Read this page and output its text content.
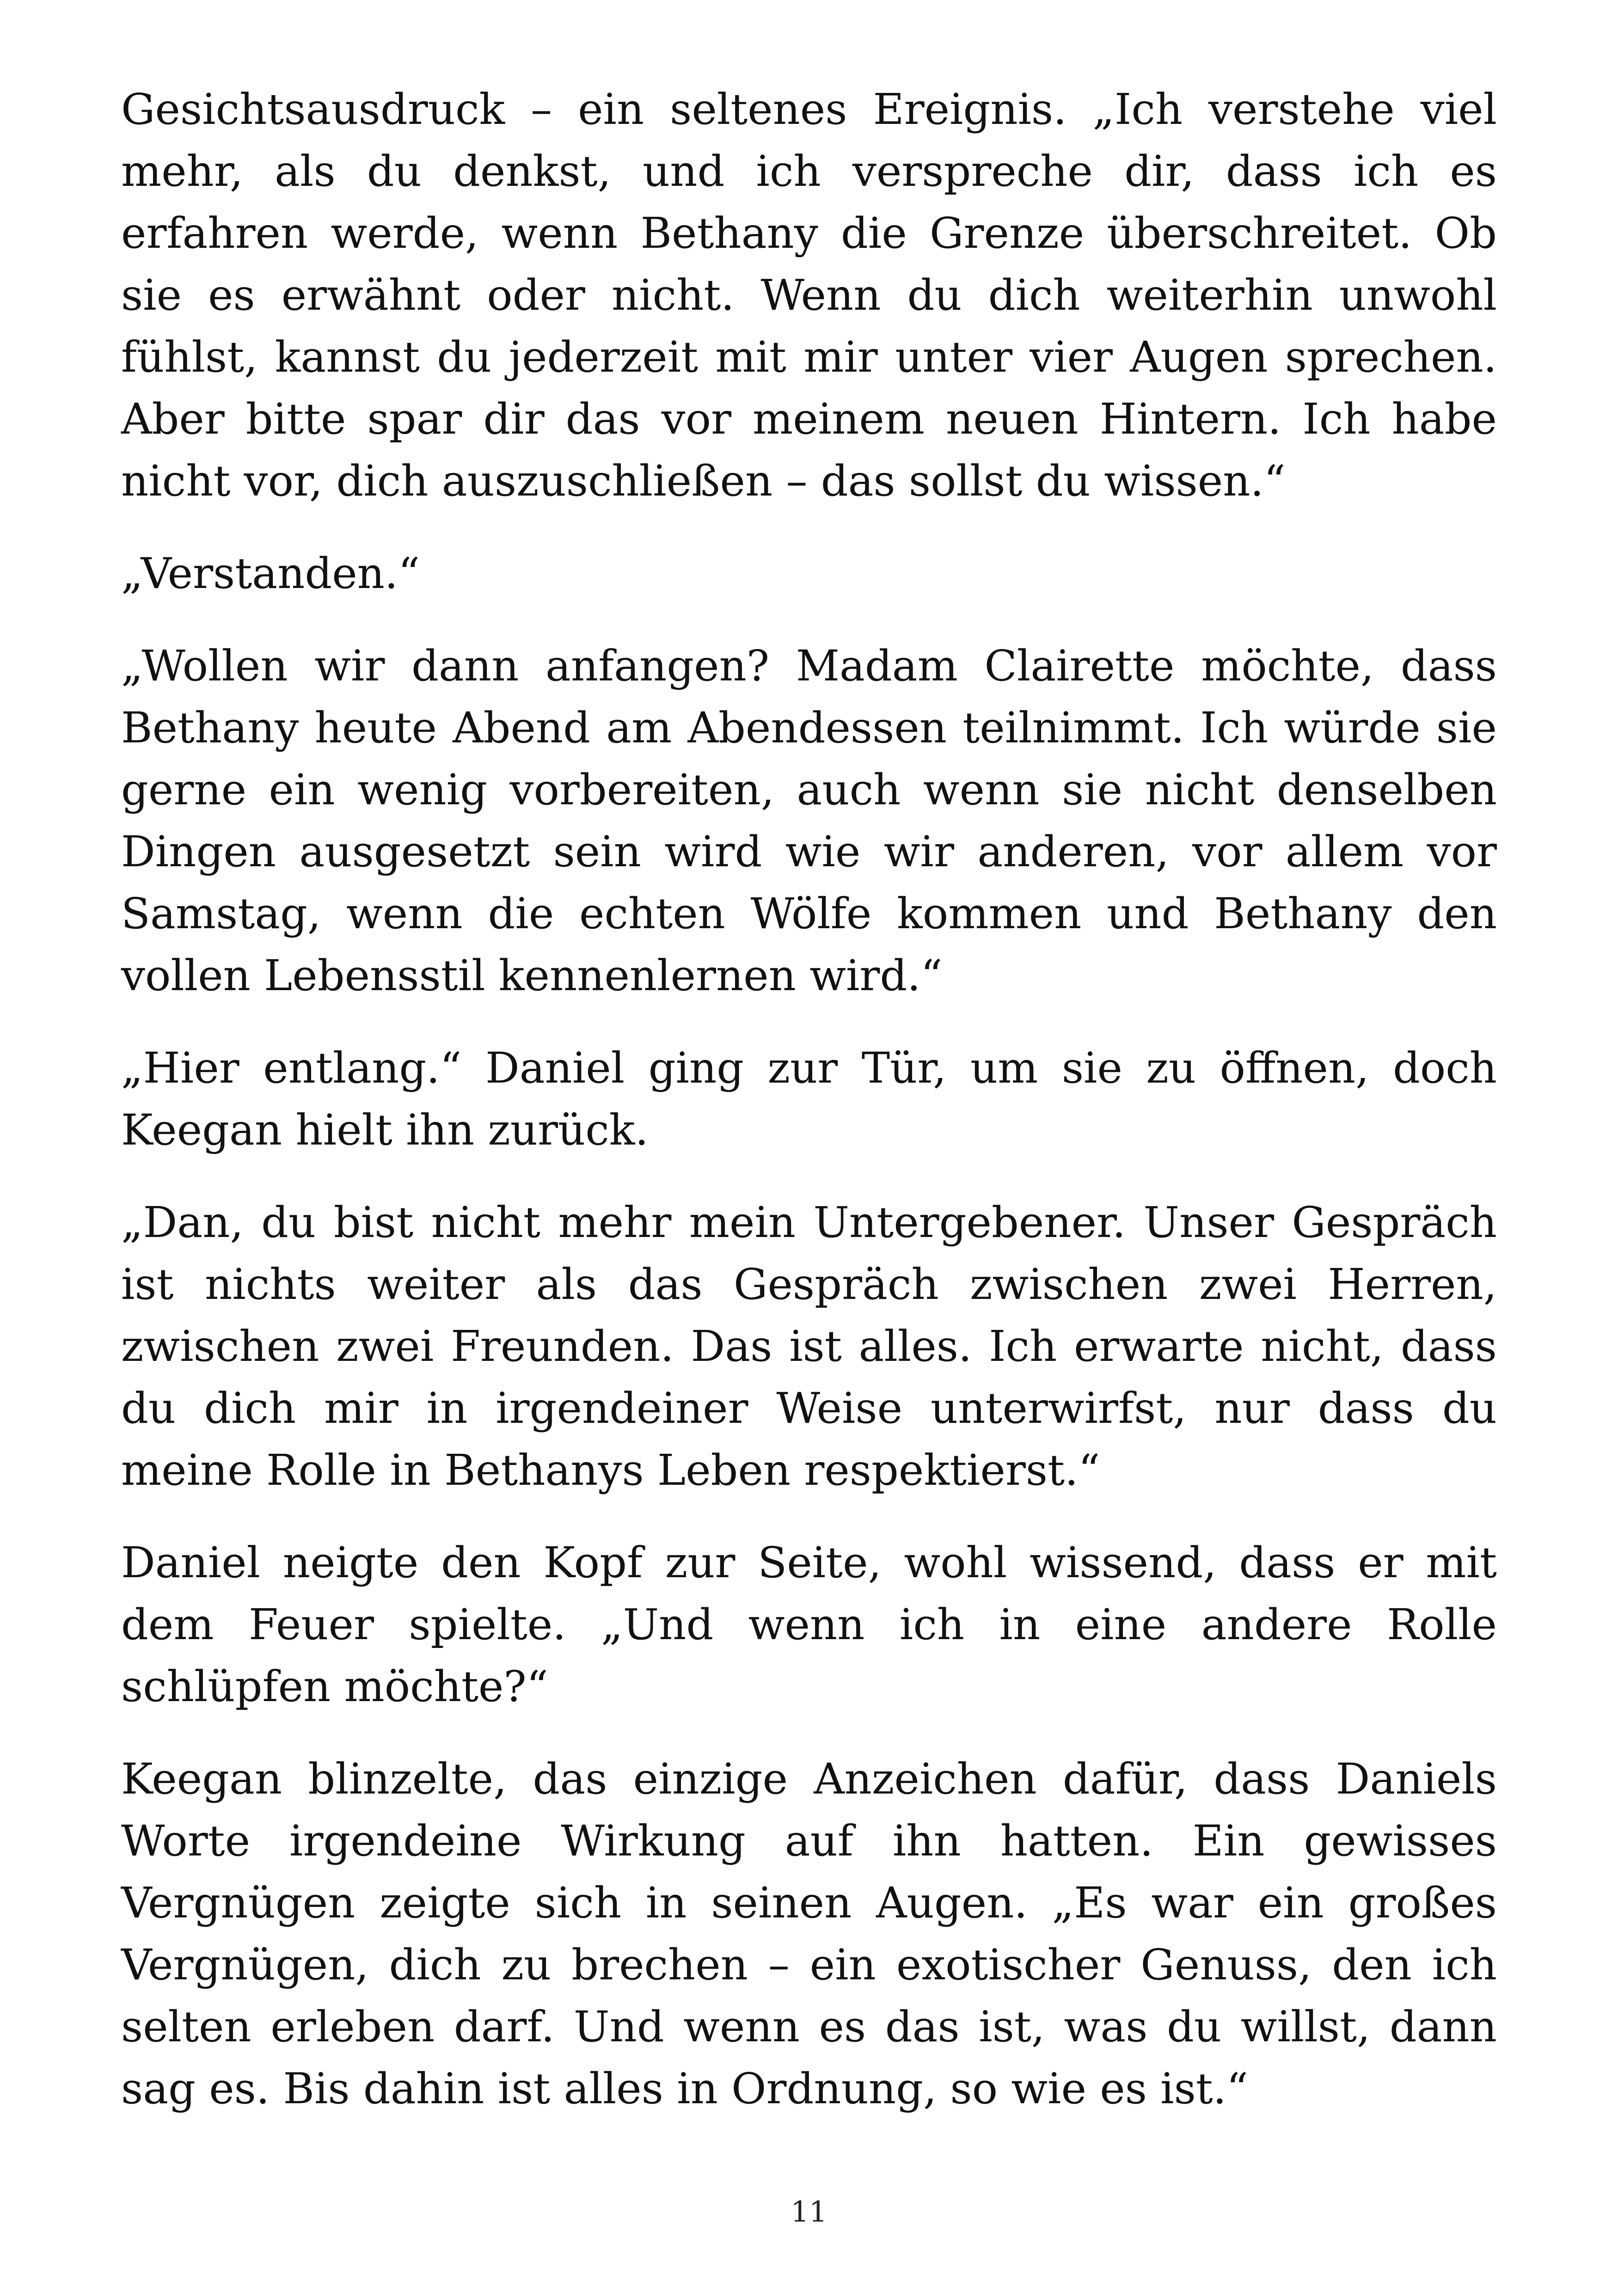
Gesichtsausdruck – ein seltenes Ereignis. „Ich verstehe viel mehr, als du denkst, und ich verspreche dir, dass ich es erfahren werde, wenn Bethany die Grenze überschreitet. Ob sie es erwähnt oder nicht. Wenn du dich weiterhin unwohl fühlst, kannst du jederzeit mit mir unter vier Augen sprechen. Aber bitte spar dir das vor meinem neuen Hintern. Ich habe nicht vor, dich auszuschließen – das sollst du wissen.“

„Verstanden.“

„Wollen wir dann anfangen? Madam Clairette möchte, dass Bethany heute Abend am Abendessen teilnimmt. Ich würde sie gerne ein wenig vorbereiten, auch wenn sie nicht denselben Dingen ausgesetzt sein wird wie wir anderen, vor allem vor Samstag, wenn die echten Wölfe kommen und Bethany den vollen Lebensstil kennenlernen wird.“

„Hier entlang.“ Daniel ging zur Tür, um sie zu öffnen, doch Keegan hielt ihn zurück.

„Dan, du bist nicht mehr mein Untergebener. Unser Gespräch ist nichts weiter als das Gespräch zwischen zwei Herren, zwischen zwei Freunden. Das ist alles. Ich erwarte nicht, dass du dich mir in irgendeiner Weise unterwirfst, nur dass du meine Rolle in Bethanys Leben respektierst.“

Daniel neigte den Kopf zur Seite, wohl wissend, dass er mit dem Feuer spielte. „Und wenn ich in eine andere Rolle schlüpfen möchte?“

Keegan blinzelte, das einzige Anzeichen dafür, dass Daniels Worte irgendeine Wirkung auf ihn hatten. Ein gewisses Vergnügen zeigte sich in seinen Augen. „Es war ein großes Vergnügen, dich zu brechen – ein exotischer Genuss, den ich selten erleben darf. Und wenn es das ist, was du willst, dann sag es. Bis dahin ist alles in Ordnung, so wie es ist.“

11
